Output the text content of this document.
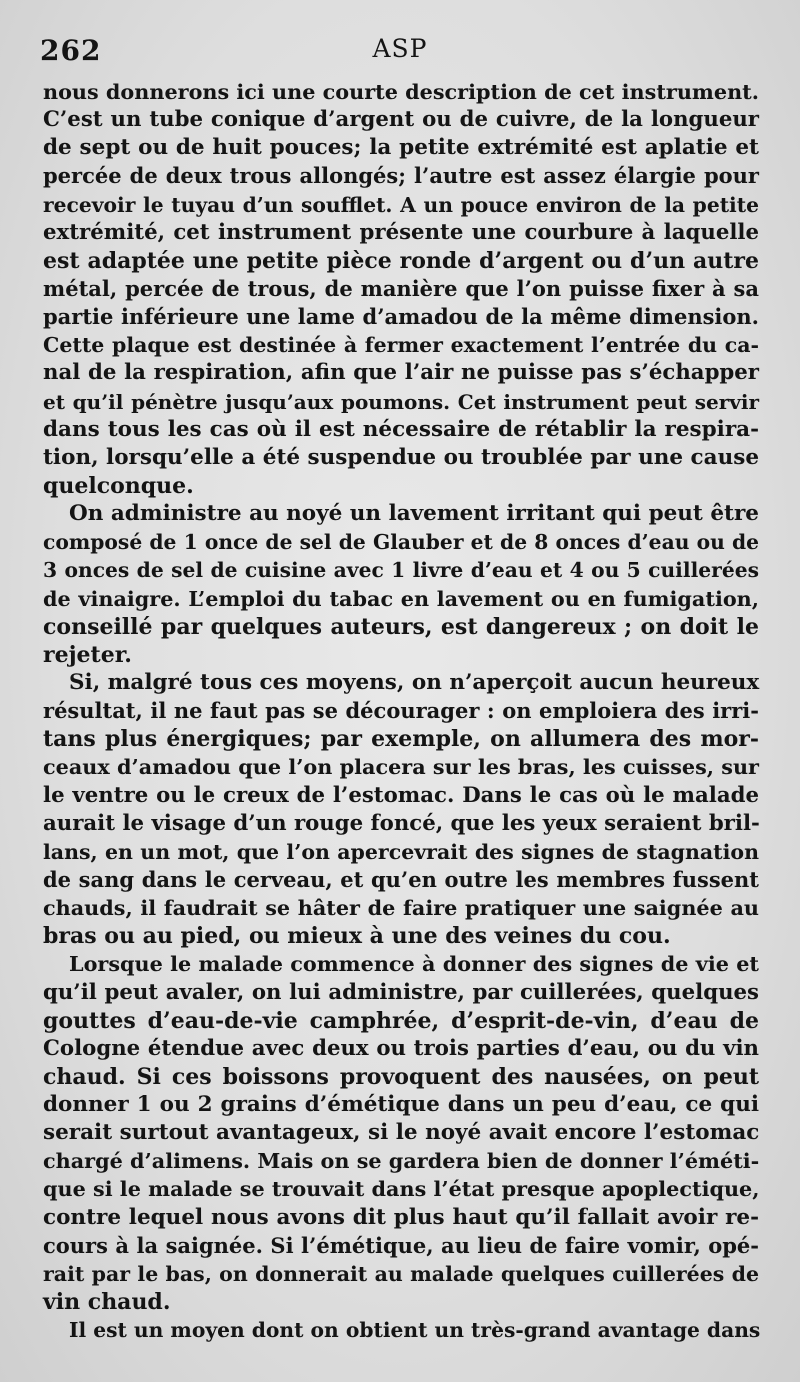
262	ASP
nous donnerons ici une courte description de cet instrument.
C’est un tube conique d’argent ou de cuivre, de la longueur
de sept ou de huit pouces; la petite extrémité est aplatie et
percée de deux trous allongés; l’autre est assez élargie pour
recevoir le tuyau d’un soufflet. A un pouce environ de la petite
extrémité, cet instrument présente une courbure à laquelle
est adaptée une petite pièce ronde d’argent ou d’un autre
métal, percée de trous, de manière que l’on puisse fixer à sa
partie inférieure une lame d’amadou de la même dimension.
Cette plaque est destinée à fermer exactement l’entrée du ca-
nal de la respiration, afin que l’air ne puisse pas s’échapper
et qu’il pénètre jusqu’aux poumons. Cet instrument peut servir
dans tous les cas où il est nécessaire de rétablir la respira-
tion, lorsqu’elle a été suspendue ou troublée par une cause
quelconque.
On administre au noyé un lavement irritant qui peut être
composé de 1 once de sel de Glauber et de 8 onces d’eau ou de
3 onces de sel de cuisine avec 1 livre d’eau et 4 ou 5 cuillerées
de vinaigre. L’emploi du tabac en lavement ou en fumigation,
conseillé par quelques auteurs, est dangereux ; on doit le
rejeter.
Si, malgré tous ces moyens, on n’aperçoit aucun heureux
résultat, il ne faut pas se décourager : on emploiera des irri-
tans plus énergiques; par exemple, on allumera des mor-
ceaux d’amadou que l’on placera sur les bras, les cuisses, sur
le ventre ou le creux de l’estomac. Dans le cas où le malade
aurait le visage d’un rouge foncé, que les yeux seraient bril-
lans, en un mot, que l’on apercevrait des signes de stagnation
de sang dans le cerveau, et qu’en outre les membres fussent
chauds, il faudrait se hâter de faire pratiquer une saignée au
bras ou au pied, ou mieux à une des veines du cou.
Lorsque le malade commence à donner des signes de vie et
qu’il peut avaler, on lui administre, par cuillerées, quelques
gouttes d’eau-de-vie camphrée, d’esprit-de-vin, d’eau de
Cologne étendue avec deux ou trois parties d’eau, ou du vin
chaud. Si ces boissons provoquent des nausées, on peut
donner 1 ou 2 grains d’émétique dans un peu d’eau, ce qui
serait surtout avantageux, si le noyé avait encore l’estomac
chargé d’alimens. Mais on se gardera bien de donner l’éméti-
que si le malade se trouvait dans l’état presque apoplectique,
contre lequel nous avons dit plus haut qu’il fallait avoir re-
cours à la saignée. Si l’émétique, au lieu de faire vomir, opé-
rait par le bas, on donnerait au malade quelques cuillerées de
vin chaud.
Il est un moyen dont on obtient un très-grand avantage dans
